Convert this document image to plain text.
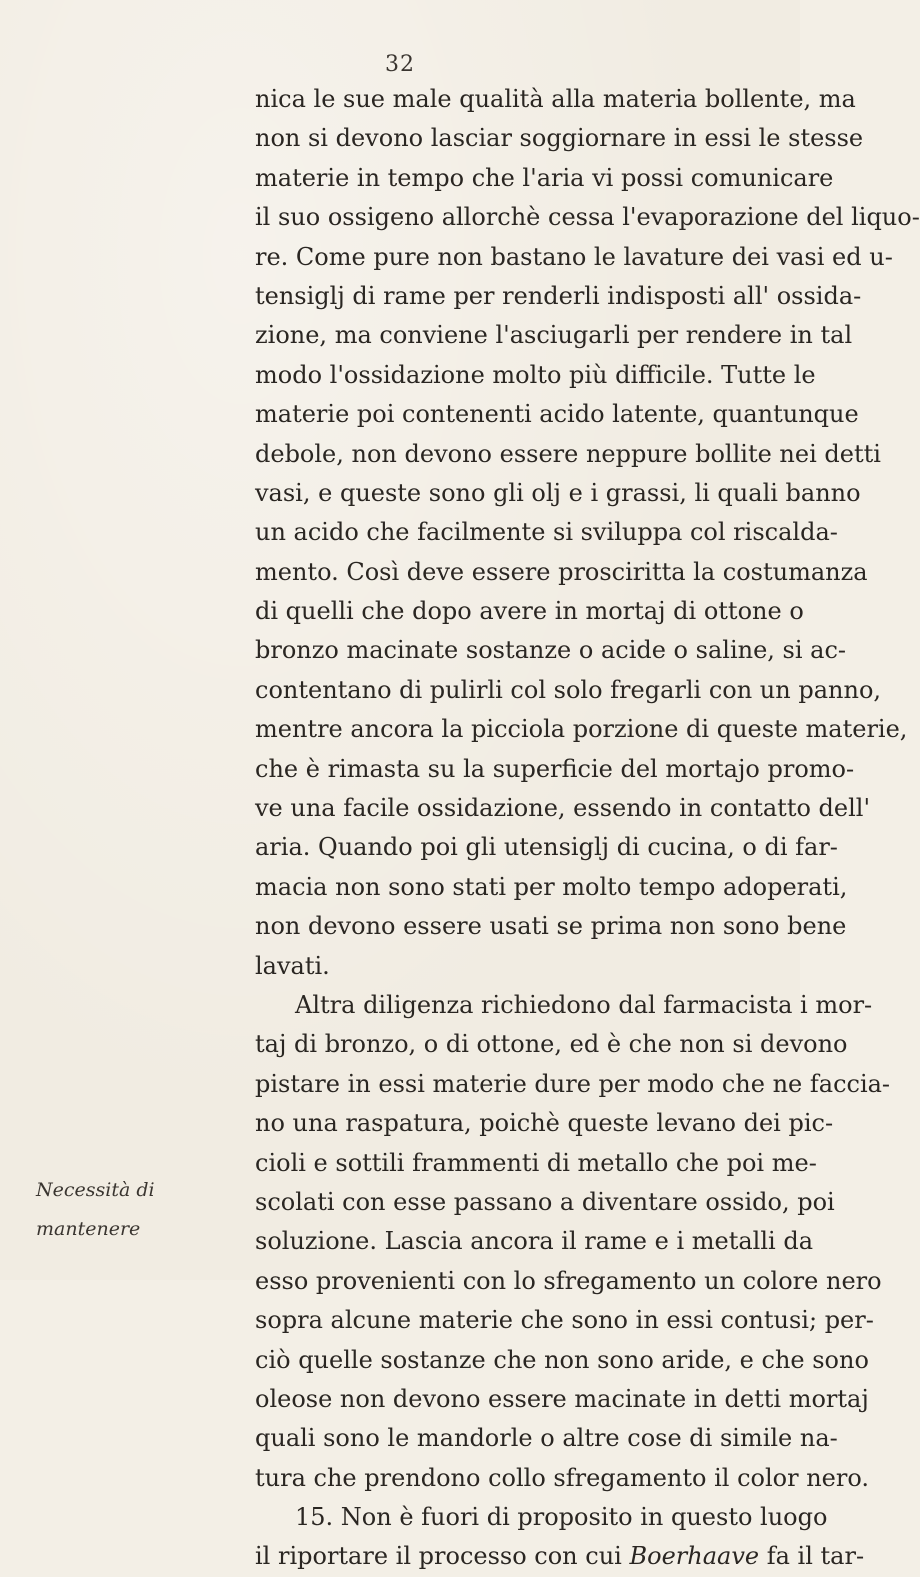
32
nica le sue male qualità alla materia bollente, ma
non si devono lasciar soggiornare in essi le stesse
materie in tempo che l'aria vi possi comunicare
il suo ossigeno allorchè cessa l'evaporazione del liquo-
re. Come pure non bastano le lavature dei vasi ed u-
tensiglj di rame per renderli indisposti all' ossida-
zione, ma conviene l'asciugarli per rendere in tal
modo l'ossidazione molto più difficile. Tutte le
materie poi contenenti acido latente, quantunque
debole, non devono essere neppure bollite nei detti
vasi, e queste sono gli olj e i grassi, li quali banno
un acido che facilmente si sviluppa col riscalda-
mento. Così deve essere prosciritta la costumanza
di quelli che dopo avere in mortaj di ottone o
bronzo macinate sostanze o acide o saline, si ac-
contentano di pulirli col solo fregarli con un panno,
mentre ancora la picciola porzione di queste materie,
che è rimasta su la superficie del mortajo promo-
ve una facile ossidazione, essendo in contatto dell'
aria. Quando poi gli utensiglj di cucina, o di far-
macia non sono stati per molto tempo adoperati,
non devono essere usati se prima non sono bene
lavati.
Altra diligenza richiedono dal farmacista i mor-
taj di bronzo, o di ottone, ed è che non si devono
pistare in essi materie dure per modo che ne faccia-
no una raspatura, poichè queste levano dei pic-
cioli e sottili frammenti di metallo che poi me-
scolati con esse passano a diventare ossido, poi
soluzione. Lascia ancora il rame e i metalli da
esso provenienti con lo sfregamento un colore nero
sopra alcune materie che sono in essi contusi; per-
ciò quelle sostanze che non sono aride, e che sono
oleose non devono essere macinate in detti mortaj
quali sono le mandorle o altre cose di simile na-
tura che prendono collo sfregamento il color nero.
15. Non è fuori di proposito in questo luogo
il riportare il processo con cui Boerhaave fa il tar-
Necessità di
mantenere
